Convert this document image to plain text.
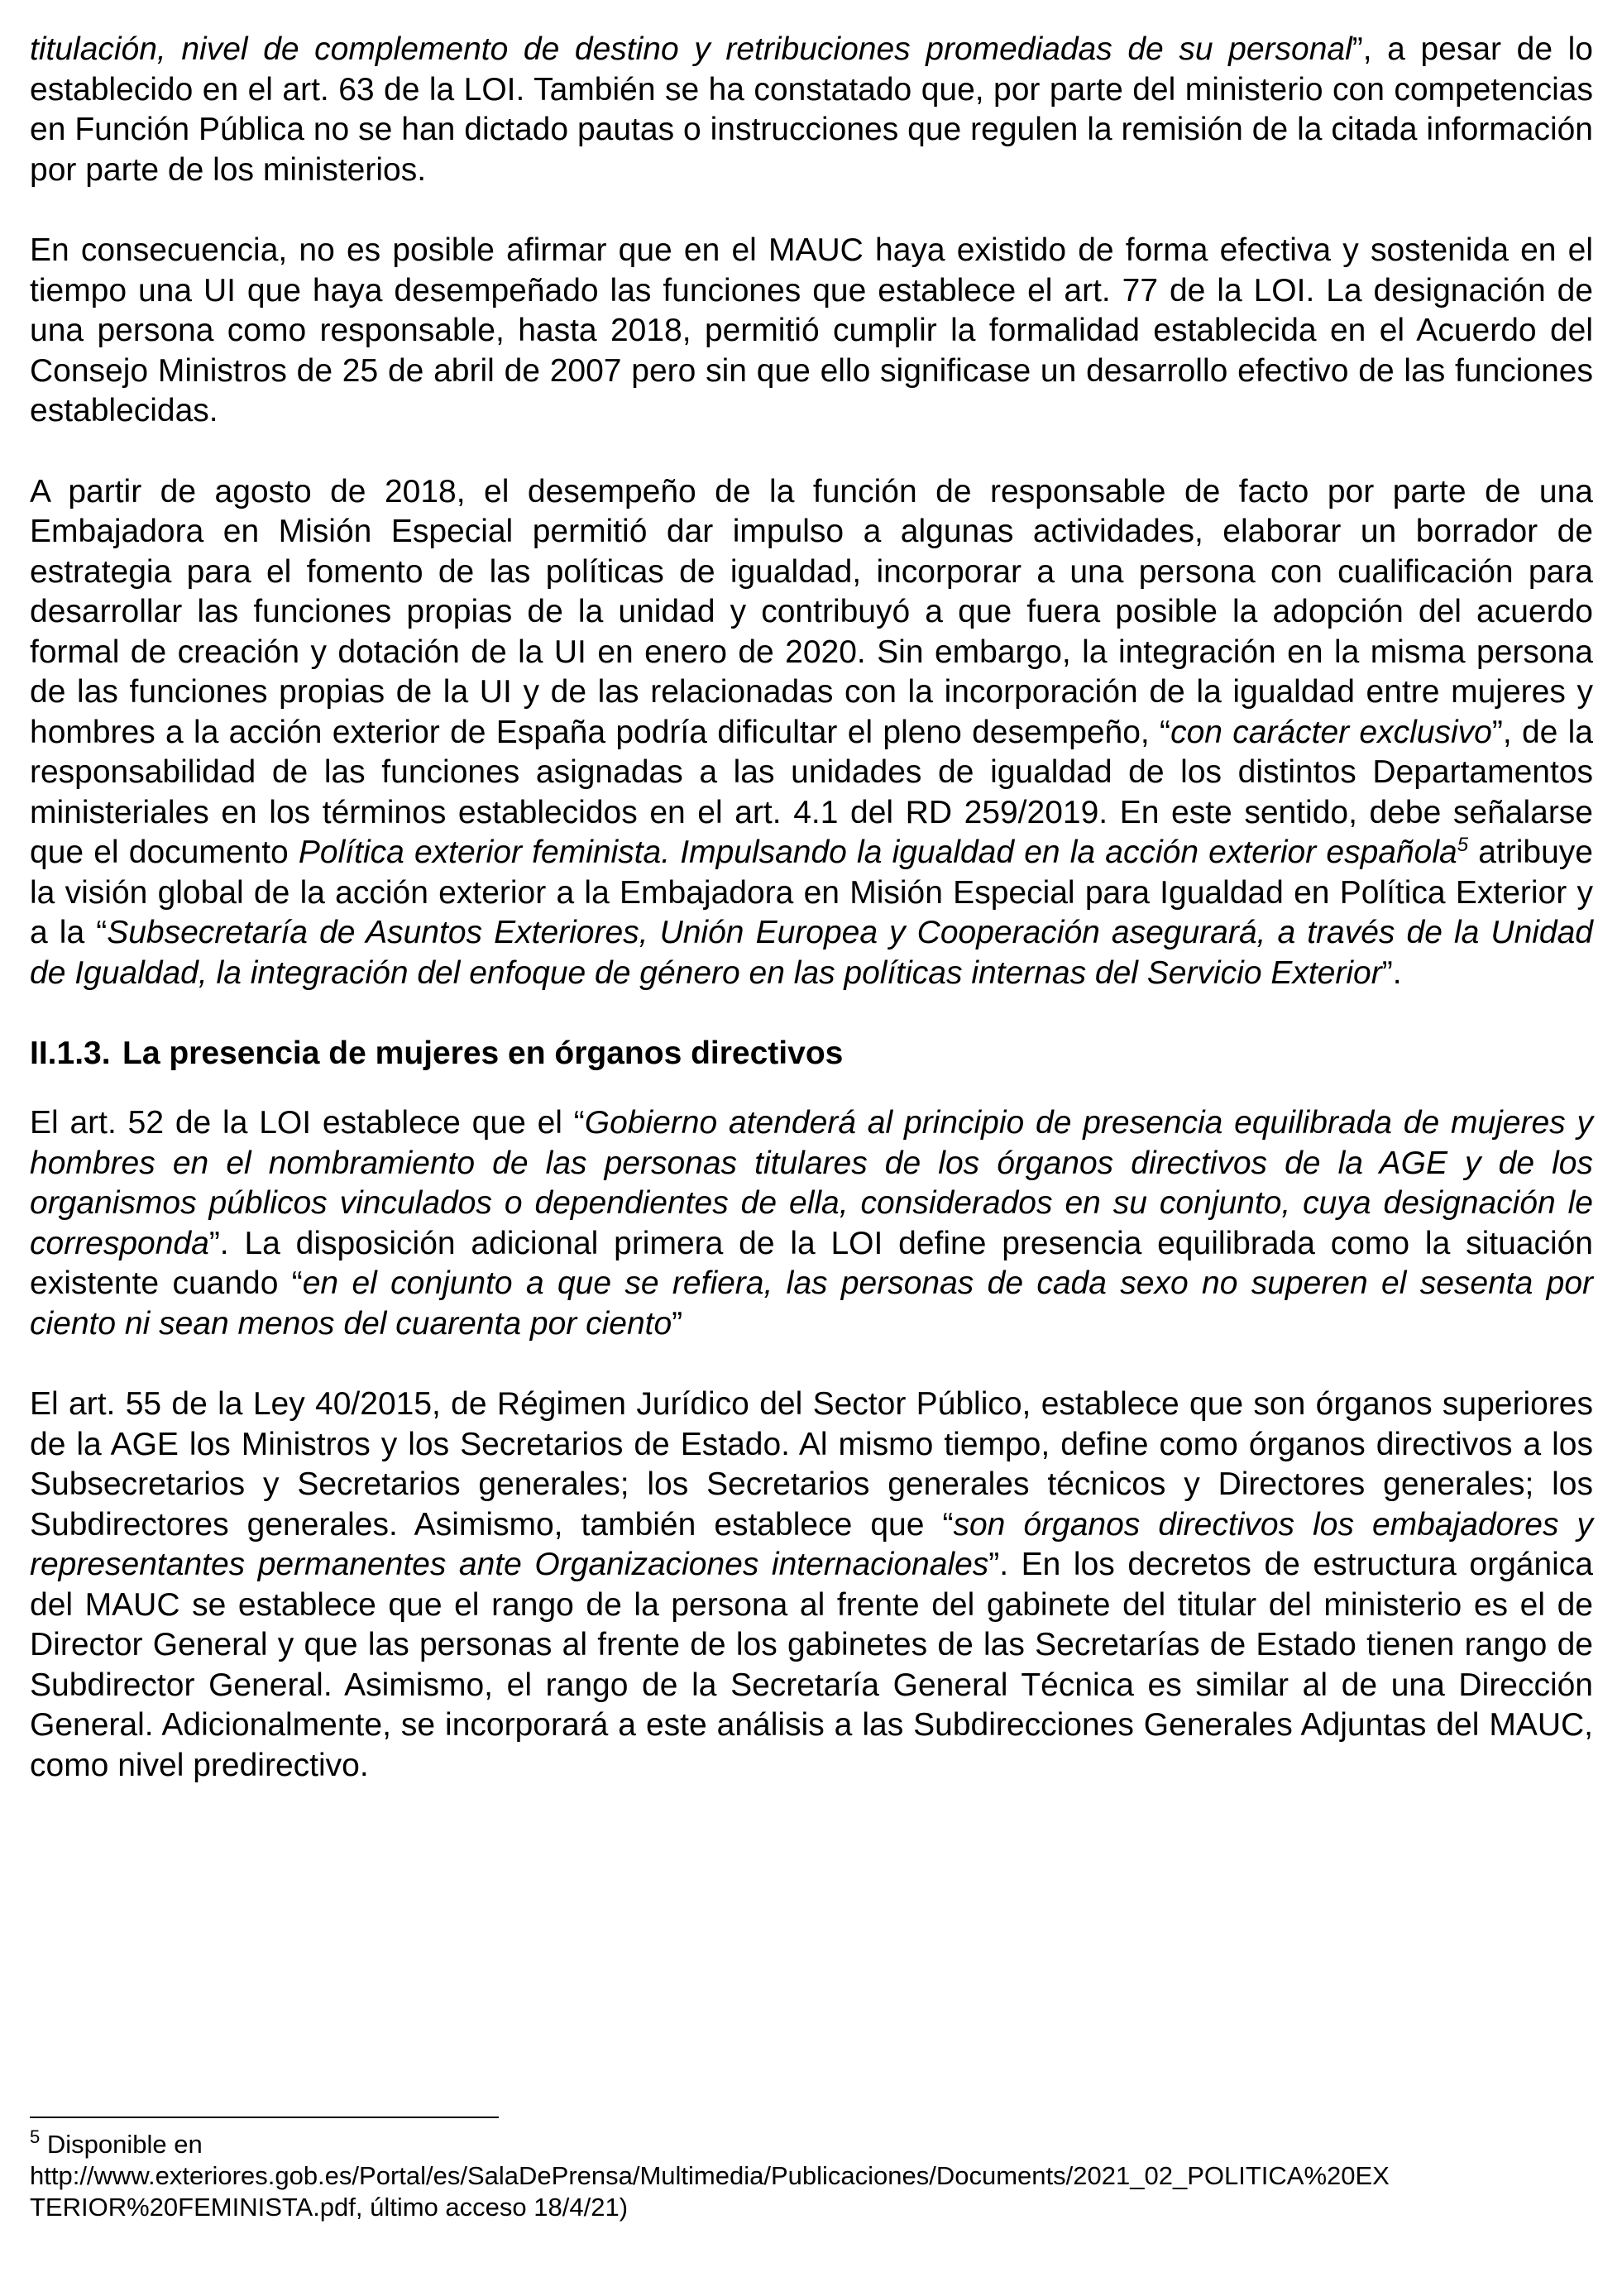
titulación, nivel de complemento de destino y retribuciones promediadas de su personal”, a pesar de lo establecido en el art. 63 de la LOI. También se ha constatado que, por parte del ministerio con competencias en Función Pública no se han dictado pautas o instrucciones que regulen la remisión de la citada información por parte de los ministerios.

En consecuencia, no es posible afirmar que en el MAUC haya existido de forma efectiva y sostenida en el tiempo una UI que haya desempeñado las funciones que establece el art. 77 de la LOI. La designación de una persona como responsable, hasta 2018, permitió cumplir la formalidad establecida en el Acuerdo del Consejo Ministros de 25 de abril de 2007 pero sin que ello significase un desarrollo efectivo de las funciones establecidas.

A partir de agosto de 2018, el desempeño de la función de responsable de facto por parte de una Embajadora en Misión Especial permitió dar impulso a algunas actividades, elaborar un borrador de estrategia para el fomento de las políticas de igualdad, incorporar a una persona con cualificación para desarrollar las funciones propias de la unidad y contribuyó a que fuera posible la adopción del acuerdo formal de creación y dotación de la UI en enero de 2020. Sin embargo, la integración en la misma persona de las funciones propias de la UI y de las relacionadas con la incorporación de la igualdad entre mujeres y hombres a la acción exterior de España podría dificultar el pleno desempeño, “con carácter exclusivo”, de la responsabilidad de las funciones asignadas a las unidades de igualdad de los distintos Departamentos ministeriales en los términos establecidos en el art. 4.1 del RD 259/2019. En este sentido, debe señalarse que el documento Política exterior feminista. Impulsando la igualdad en la acción exterior española$^5$ atribuye la visión global de la acción exterior a la Embajadora en Misión Especial para Igualdad en Política Exterior y a la “Subsecretaría de Asuntos Exteriores, Unión Europea y Cooperación asegurará, a través de la Unidad de Igualdad, la integración del enfoque de género en las políticas internas del Servicio Exterior”.

II.1.3. La presencia de mujeres en órganos directivos

El art. 52 de la LOI establece que el “Gobierno atenderá al principio de presencia equilibrada de mujeres y hombres en el nombramiento de las personas titulares de los órganos directivos de la AGE y de los organismos públicos vinculados o dependientes de ella, considerados en su conjunto, cuya designación le corresponda”. La disposición adicional primera de la LOI define presencia equilibrada como la situación existente cuando “en el conjunto a que se refiera, las personas de cada sexo no superen el sesenta por ciento ni sean menos del cuarenta por ciento”

El art. 55 de la Ley 40/2015, de Régimen Jurídico del Sector Público, establece que son órganos superiores de la AGE los Ministros y los Secretarios de Estado. Al mismo tiempo, define como órganos directivos a los Subsecretarios y Secretarios generales; los Secretarios generales técnicos y Directores generales; los Subdirectores generales. Asimismo, también establece que “son órganos directivos los embajadores y representantes permanentes ante Organizaciones internacionales”. En los decretos de estructura orgánica del MAUC se establece que el rango de la persona al frente del gabinete del titular del ministerio es el de Director General y que las personas al frente de los gabinetes de las Secretarías de Estado tienen rango de Subdirector General. Asimismo, el rango de la Secretaría General Técnica es similar al de una Dirección General. Adicionalmente, se incorporará a este análisis a las Subdirecciones Generales Adjuntas del MAUC, como nivel predirectivo.

$^5$ Disponible en
http://www.exteriores.gob.es/Portal/es/SalaDePrensa/Multimedia/Publicaciones/Documents/2021_02_POLITICA%20EX
TERIOR%20FEMINISTA.pdf, último acceso 18/4/21)
